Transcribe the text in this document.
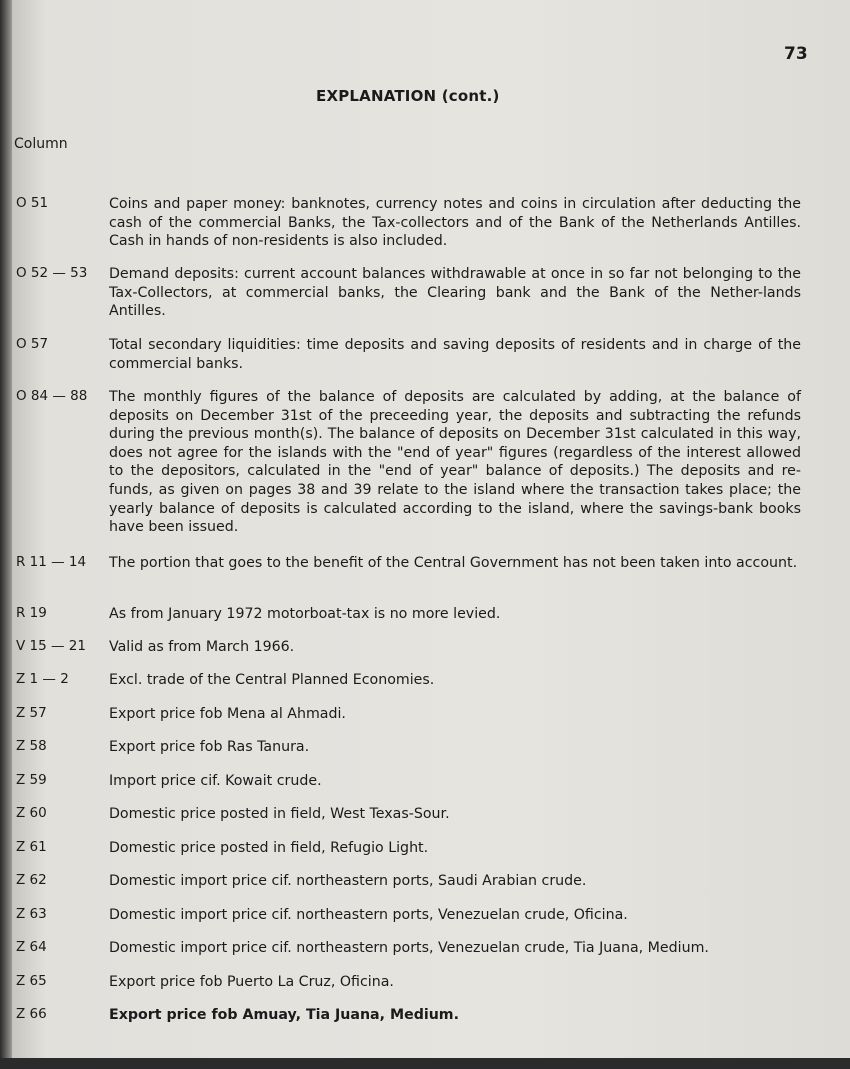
73
EXPLANATION (cont.)
Column
O 51	Coins and paper money: banknotes, currency notes and coins in circulation after deducting the cash of the commercial Banks, the Tax-collectors and of the Bank of the Netherlands Antilles. Cash in hands of non-residents is also included.
O 52 — 53 Demand deposits: current account balances withdrawable at once in so far not belonging to the Tax-Collectors, at commercial banks, the Clearing bank and the Bank of the Nether-lands Antilles.
O 57	Total secondary liquidities: time deposits and saving deposits of residents and in charge of the commercial banks.
O 84 — 88 The monthly figures of the balance of deposits are calculated by adding, at the balance of deposits on December 31st of the preceeding year, the deposits and subtracting the refunds during the previous month(s). The balance of deposits on December 31st calculated in this way, does not agree for the islands with the "end of year" figures (regardless of the interest allowed to the depositors, calculated in the "end of year" balance of deposits.) The deposits and re-funds, as given on pages 38 and 39 relate to the island where the transaction takes place; the yearly balance of deposits is calculated according to the island, where the savings-bank books have been issued.
R 11 — 14 The portion that goes to the benefit of the Central Government has not been taken into account.
R 19	As from January 1972 motorboat-tax is no more levied.
V 15 — 21 Valid as from March 1966.
Z 1 — 2	Excl. trade of the Central Planned Economies.
Z 57	Export price fob Mena al Ahmadi.
Z 58	Export price fob Ras Tanura.
Z 59	Import price cif. Kowait crude.
Z 60	Domestic price posted in field, West Texas-Sour.
Z 61	Domestic price posted in field, Refugio Light.
Z 62	Domestic import price cif. northeastern ports, Saudi Arabian crude.
Z 63	Domestic import price cif. northeastern ports, Venezuelan crude, Oficina.
Z 64	Domestic import price cif. northeastern ports, Venezuelan crude, Tia Juana, Medium.
Z 65	Export price fob Puerto La Cruz, Oficina.
Z 66	Export price fob Amuay, Tia Juana, Medium.
